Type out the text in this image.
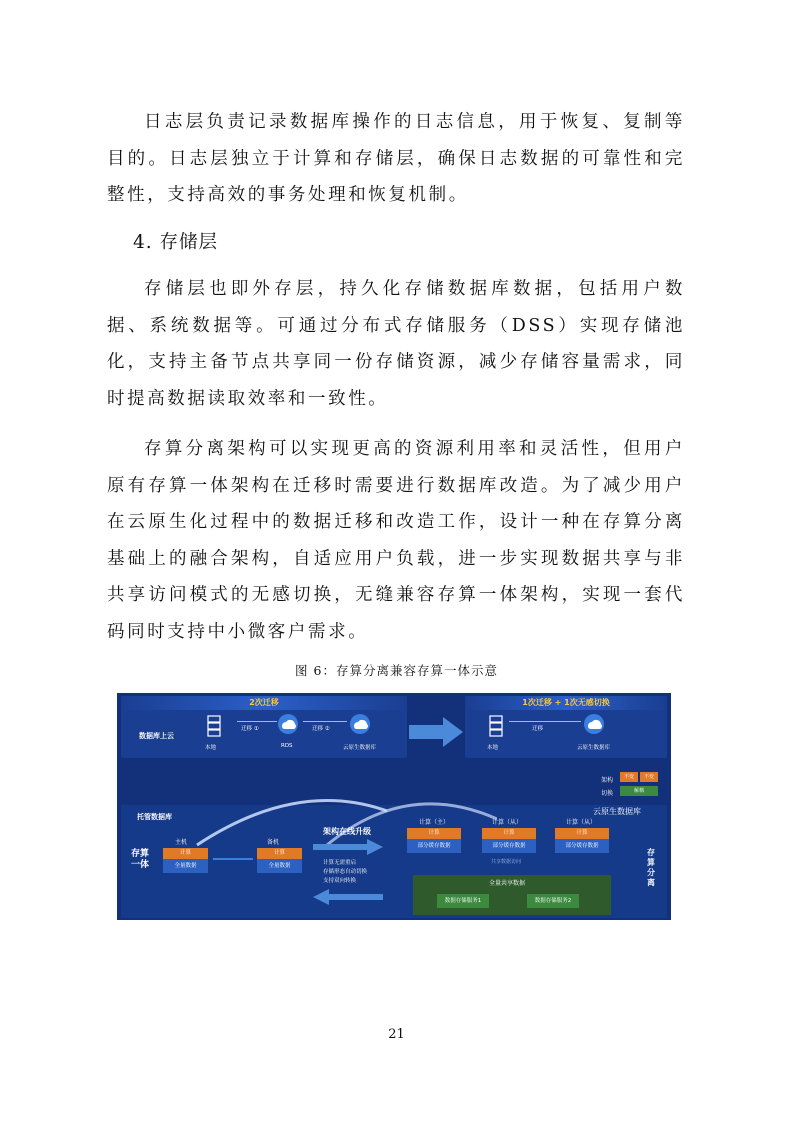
日志层负责记录数据库操作的日志信息，用于恢复、复制等目的。日志层独立于计算和存储层，确保日志数据的可靠性和完整性，支持高效的事务处理和恢复机制。

4. 存储层

存储层也即外存层，持久化存储数据库数据，包括用户数据、系统数据等。可通过分布式存储服务（DSS）实现存储池化，支持主备节点共享同一份存储资源，减少存储容量需求，同时提高数据读取效率和一致性。

存算分离架构可以实现更高的资源利用率和灵活性，但用户原有存算一体架构在迁移时需要进行数据库改造。为了减少用户在云原生化过程中的数据迁移和改造工作，设计一种在存算分离基础上的融合架构，自适应用户负载，进一步实现数据共享与非共享访问模式的无感切换，无缝兼容存算一体架构，实现一套代码同时支持中小微客户需求。

图 6：存算分离兼容存算一体示意
2次迁移	1次迁移 + 1次无感切换
数据库上云
本地
迁移 ①
RDS
迁移 ②
云原生数据库	本地
迁移
云原生数据库
架构
切换
不变	不变
解耦
托管数据库
主机
计算
全量数据
备机
计算
全量数据
存算
一体
架构在线升级
计算无需重启
存储形态自动切换
支持双向转换
云原生数据库
计算（主）
计算
部分缓存数据
计算（从）
计算
部分缓存数据
计算（从）
计算
部分缓存数据
共享数据访问
全量共享数据
数据存储服务1	数据存储服务2
存
算
分
离
21
